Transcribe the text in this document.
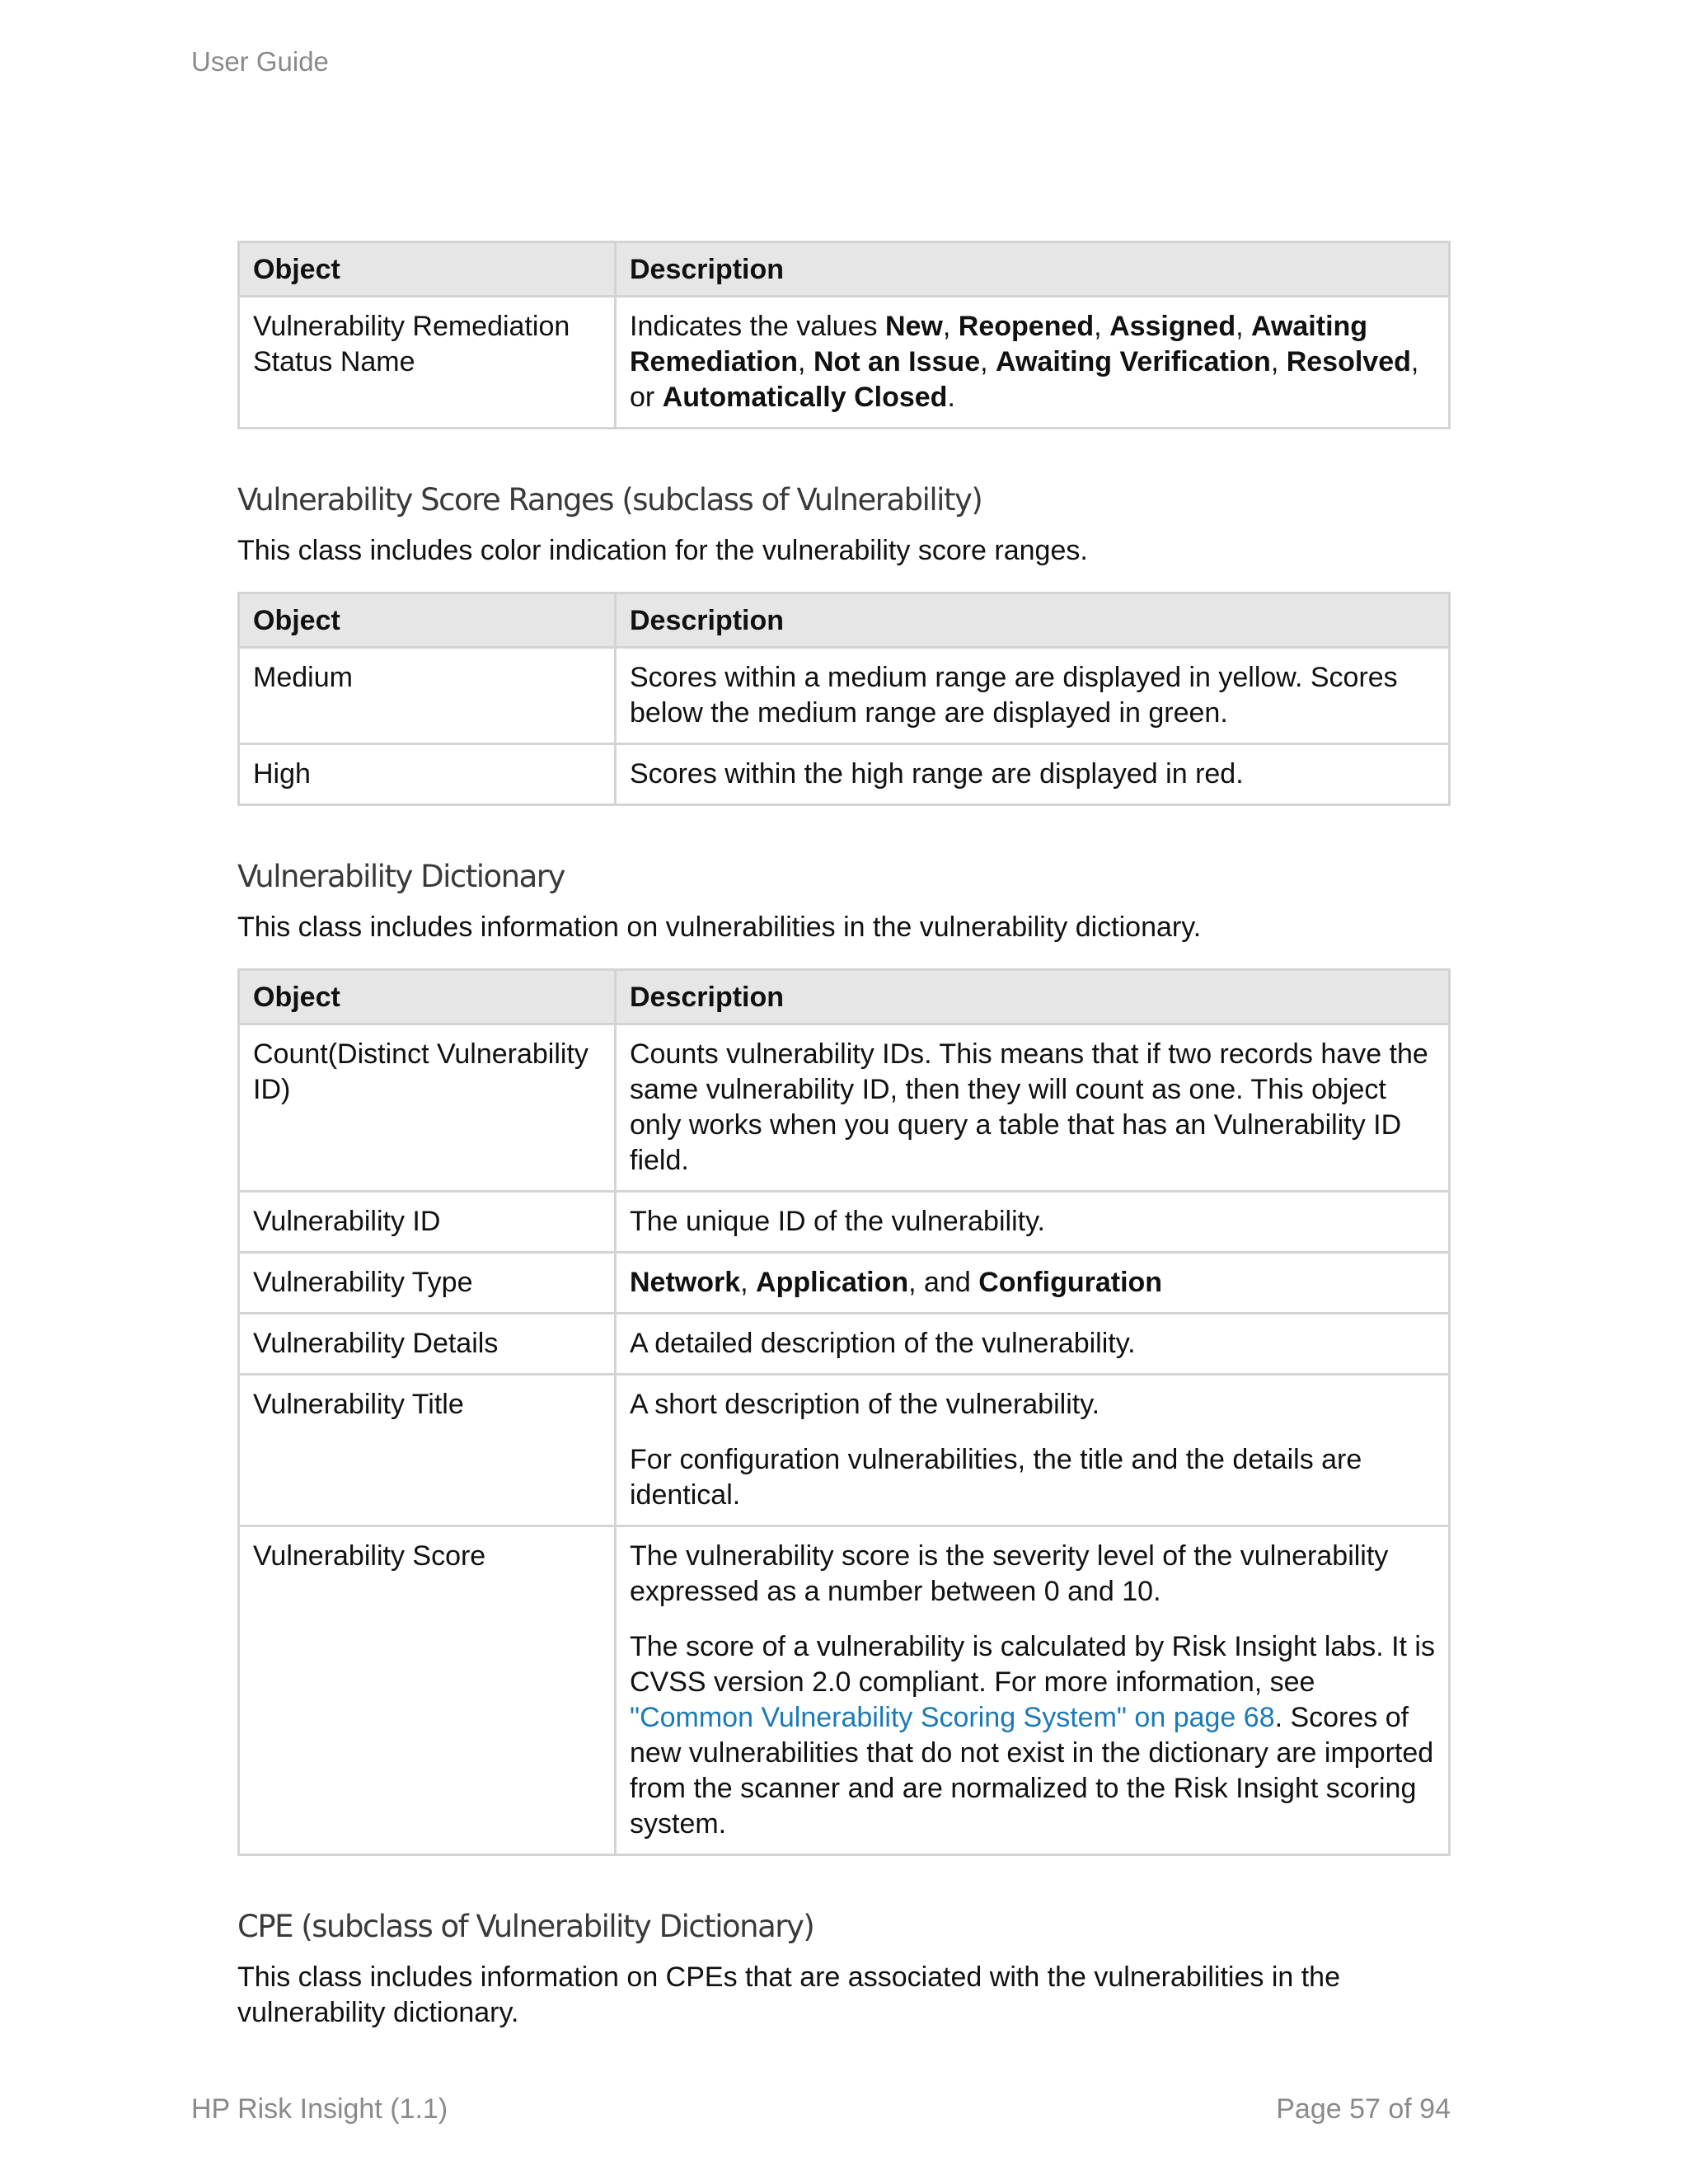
User Guide
Object	Description
Vulnerability Remediation Status Name	Indicates the values New, Reopened, Assigned, Awaiting Remediation, Not an Issue, Awaiting Verification, Resolved, or Automatically Closed.
Vulnerability Score Ranges (subclass of Vulnerability)

This class includes color indication for the vulnerability score ranges.

Object	Description
Medium	Scores within a medium range are displayed in yellow. Scores below the medium range are displayed in green.
High	Scores within the high range are displayed in red.
Vulnerability Dictionary

This class includes information on vulnerabilities in the vulnerability dictionary.

Object	Description
Count(Distinct Vulnerability ID)	Counts vulnerability IDs. This means that if two records have the same vulnerability ID, then they will count as one. This object only works when you query a table that has an Vulnerability ID field.
Vulnerability ID	The unique ID of the vulnerability.
Vulnerability Type	Network, Application, and Configuration
Vulnerability Details	A detailed description of the vulnerability.
Vulnerability Title	A short description of the vulnerability.

For configuration vulnerabilities, the title and the details are identical.

Vulnerability Score	The vulnerability score is the severity level of the vulnerability expressed as a number between 0 and 10.

The score of a vulnerability is calculated by Risk Insight labs. It is CVSS version 2.0 compliant. For more information, see "Common Vulnerability Scoring System" on page 68. Scores of new vulnerabilities that do not exist in the dictionary are imported from the scanner and are normalized to the Risk Insight scoring system.

CPE (subclass of Vulnerability Dictionary)

This class includes information on CPEs that are associated with the vulnerabilities in the vulnerability dictionary.

HP Risk Insight (1.1)	Page 57 of 94
